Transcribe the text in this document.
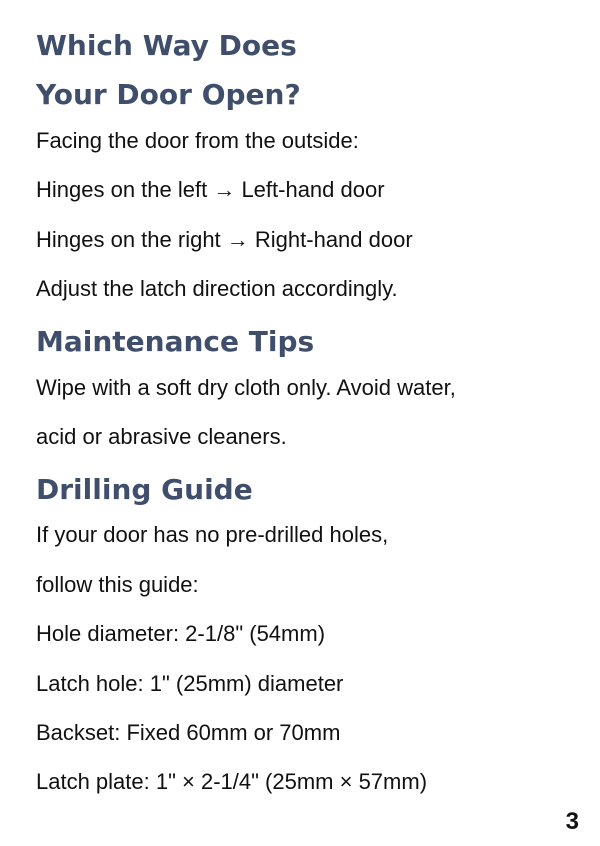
Which Way Does
Your Door Open?

Facing the door from the outside:

Hinges on the left → Left-hand door

Hinges on the right → Right-hand door

Adjust the latch direction accordingly.

Maintenance Tips

Wipe with a soft dry cloth only. Avoid water,

acid or abrasive cleaners.

Drilling Guide

If your door has no pre-drilled holes,

follow this guide:

Hole diameter: 2-1/8" (54mm)

Latch hole: 1" (25mm) diameter

Backset: Fixed 60mm or 70mm

Latch plate: 1" × 2-1/4" (25mm × 57mm)

3
